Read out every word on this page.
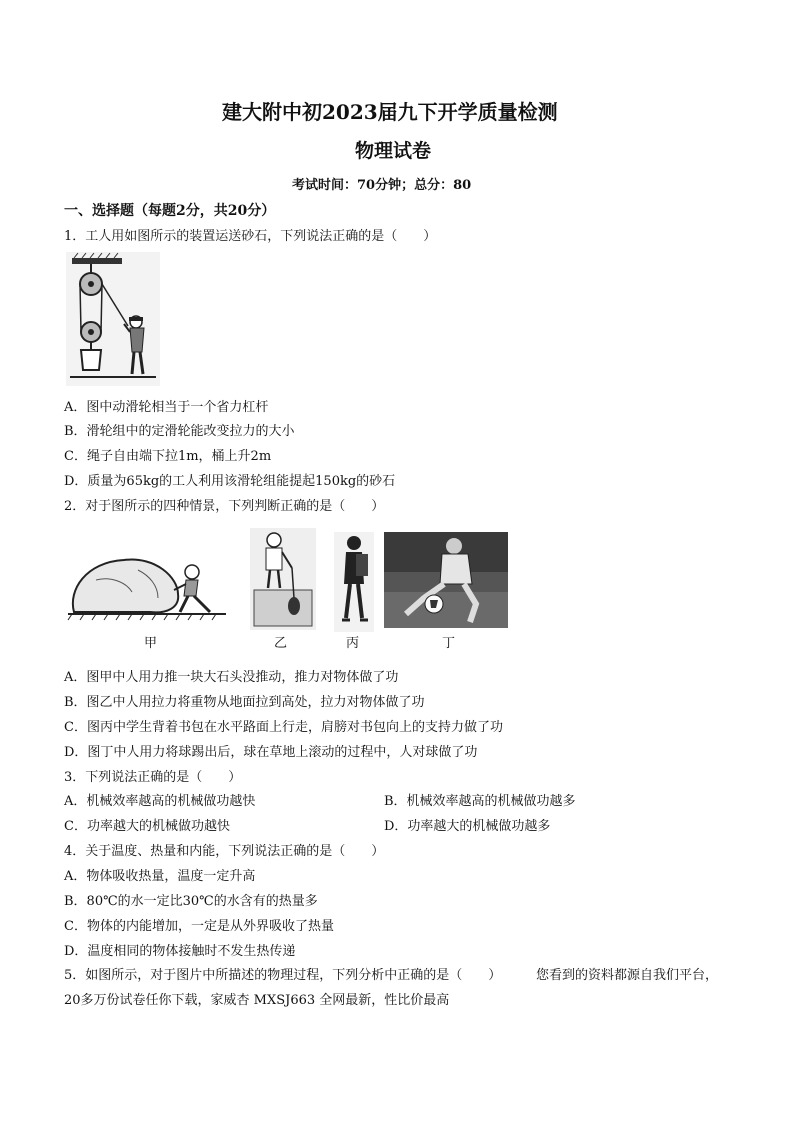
建大附中初2023届九下开学质量检测
物理试卷
考试时间：70分钟；总分：80
一、选择题（每题2分，共20分）
1．工人用如图所示的装置运送砂石，下列说法正确的是（　　）
A．图中动滑轮相当于一个省力杠杆
B．滑轮组中的定滑轮能改变拉力的大小
C．绳子自由端下拉1m，桶上升2m
D．质量为65kg的工人利用该滑轮组能提起150kg的砂石
2．对于图所示的四种情景，下列判断正确的是（　　）
甲	乙	丙	丁
A．图甲中人用力推一块大石头没推动，推力对物体做了功
B．图乙中人用拉力将重物从地面拉到高处，拉力对物体做了功
C．图丙中学生背着书包在水平路面上行走，肩膀对书包向上的支持力做了功
D．图丁中人用力将球踢出后，球在草地上滚动的过程中，人对球做了功
3．下列说法正确的是（　　）
A．机械效率越高的机械做功越快	B．机械效率越高的机械做功越多
C．功率越大的机械做功越快	D．功率越大的机械做功越多
4．关于温度、热量和内能，下列说法正确的是（　　）
A．物体吸收热量，温度一定升高
B．80℃的水一定比30℃的水含有的热量多
C．物体的内能增加，一定是从外界吸收了热量
D．温度相同的物体接触时不发生热传递
5．如图所示，对于图片中所描述的物理过程，下列分析中正确的是（　　）	您看到的资料都源自我们平台，
20多万份试卷任你下载，家威杏 MXSJ663 全网最新，性比价最高
